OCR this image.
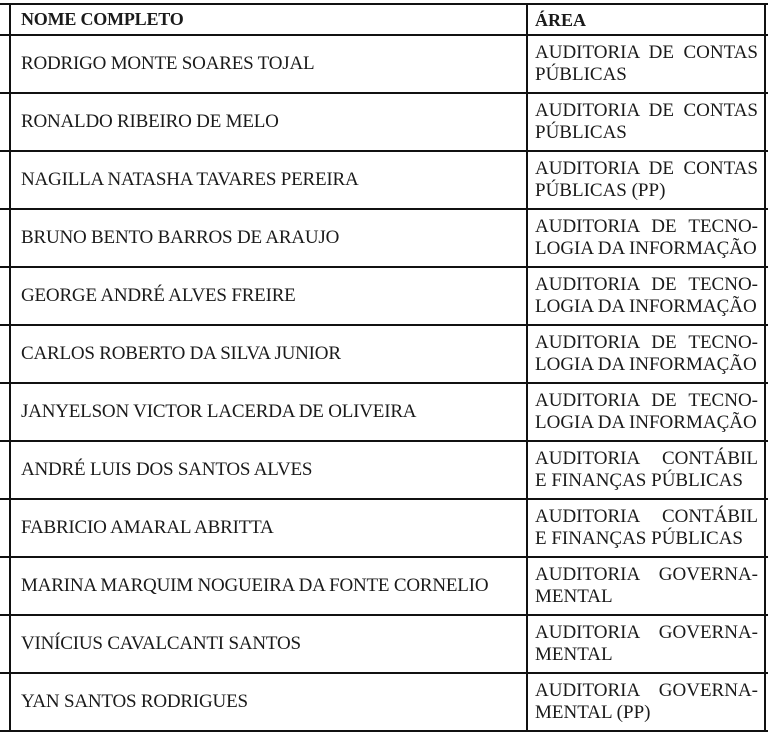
NOME COMPLETO	ÁREA
RODRIGO MONTE SOARES TOJAL
AUDITORIA DE CONTAS
PÚBLICAS
RONALDO RIBEIRO DE MELO
AUDITORIA DE CONTAS
PÚBLICAS
NAGILLA NATASHA TAVARES PEREIRA
AUDITORIA DE CONTAS
PÚBLICAS (PP)
BRUNO BENTO BARROS DE ARAUJO
AUDITORIA DE TECNO-
LOGIA DA INFORMAÇÃO
GEORGE ANDRÉ ALVES FREIRE
AUDITORIA DE TECNO-
LOGIA DA INFORMAÇÃO
CARLOS ROBERTO DA SILVA JUNIOR
AUDITORIA DE TECNO-
LOGIA DA INFORMAÇÃO
JANYELSON VICTOR LACERDA DE OLIVEIRA
AUDITORIA DE TECNO-
LOGIA DA INFORMAÇÃO
ANDRÉ LUIS DOS SANTOS ALVES
AUDITORIA CONTÁBIL
E FINANÇAS PÚBLICAS
FABRICIO AMARAL ABRITTA
AUDITORIA CONTÁBIL
E FINANÇAS PÚBLICAS
MARINA MARQUIM NOGUEIRA DA FONTE CORNELIO
AUDITORIA GOVERNA-
MENTAL
VINÍCIUS CAVALCANTI SANTOS
AUDITORIA GOVERNA-
MENTAL
YAN SANTOS RODRIGUES
AUDITORIA GOVERNA-
MENTAL (PP)
